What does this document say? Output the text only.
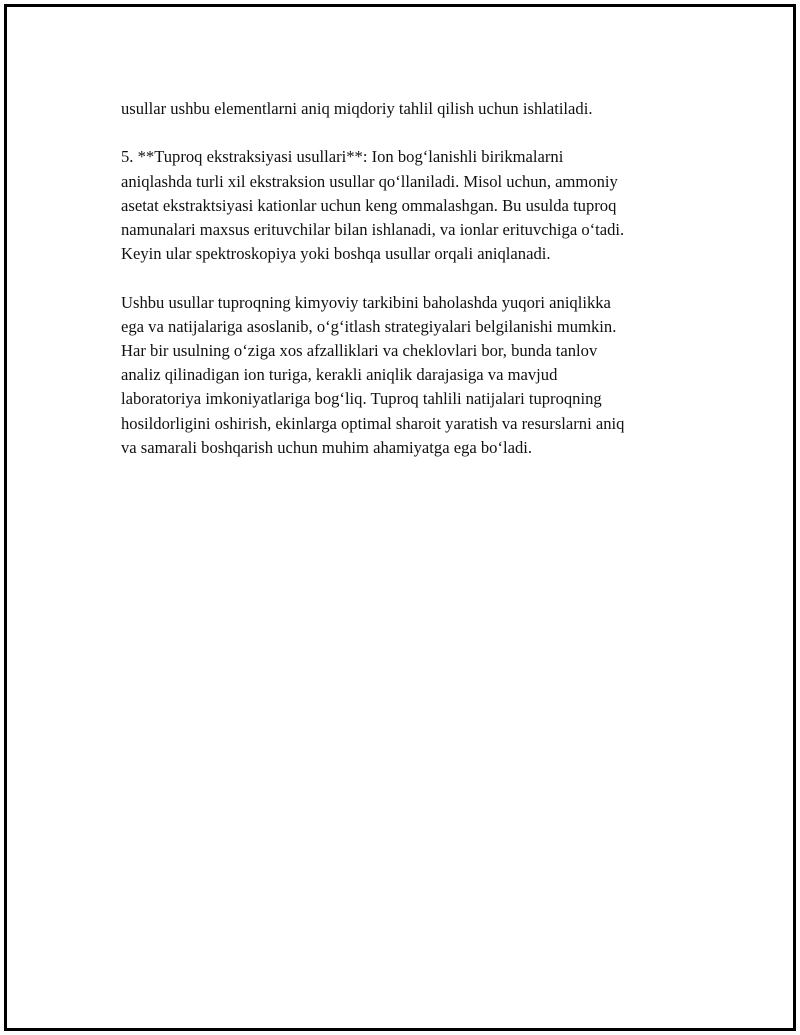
usullar ushbu elementlarni aniq miqdoriy tahlil qilish uchun ishlatiladi.

5. **Tuproq ekstraksiyasi usullari**: Ion bog‘lanishli birikmalarni
aniqlashda turli xil ekstraksion usullar qo‘llaniladi. Misol uchun, ammoniy
asetat ekstraktsiyasi kationlar uchun keng ommalashgan. Bu usulda tuproq
namunalari maxsus erituvchilar bilan ishlanadi, va ionlar erituvchiga o‘tadi.
Keyin ular spektroskopiya yoki boshqa usullar orqali aniqlanadi.

Ushbu usullar tuproqning kimyoviy tarkibini baholashda yuqori aniqlikka
ega va natijalariga asoslanib, o‘g‘itlash strategiyalari belgilanishi mumkin.
Har bir usulning o‘ziga xos afzalliklari va cheklovlari bor, bunda tanlov
analiz qilinadigan ion turiga, kerakli aniqlik darajasiga va mavjud
laboratoriya imkoniyatlariga bog‘liq. Tuproq tahlili natijalari tuproqning
hosildorligini oshirish, ekinlarga optimal sharoit yaratish va resurslarni aniq
va samarali boshqarish uchun muhim ahamiyatga ega bo‘ladi.
